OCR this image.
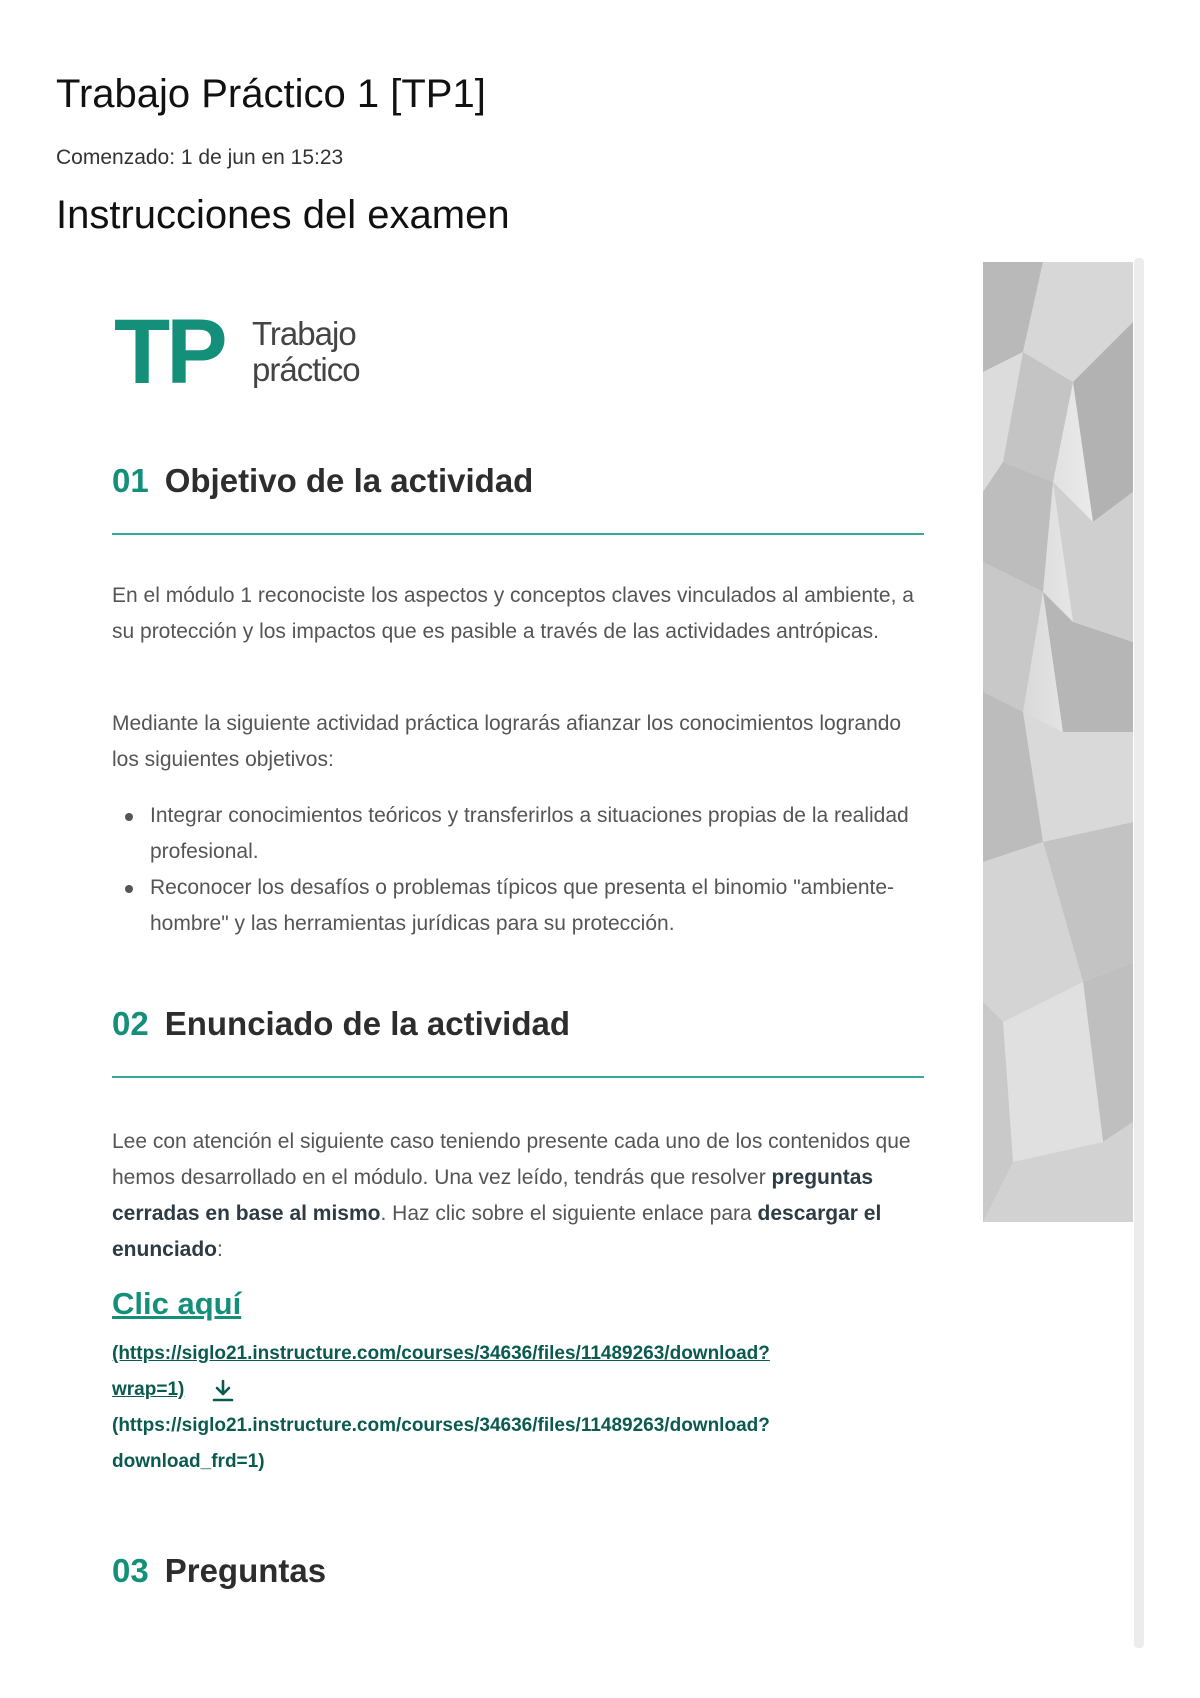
Trabajo Práctico 1 [TP1]
Comenzado: 1 de jun en 15:23
Instrucciones del examen
TP Trabajo
práctico
01 Objetivo de la actividad

En el módulo 1 reconociste los aspectos y conceptos claves vinculados al ambiente, a su protección y los impactos que es pasible a través de las actividades antrópicas.

Mediante la siguiente actividad práctica lograrás afianzar los conocimientos logrando los siguientes objetivos:

Integrar conocimientos teóricos y transferirlos a situaciones propias de la realidad profesional.
Reconocer los desafíos o problemas típicos que presenta el binomio "ambiente- hombre" y las herramientas jurídicas para su protección.
02 Enunciado de la actividad

Lee con atención el siguiente caso teniendo presente cada uno de los contenidos que hemos desarrollado en el módulo. Una vez leído, tendrás que resolver preguntas cerradas en base al mismo. Haz clic sobre el siguiente enlace para descargar el enunciado:

Clic aquí
(https://siglo21.instructure.com/courses/34636/files/11489263/download?
wrap=1)
(https://siglo21.instructure.com/courses/34636/files/11489263/download?
download_frd=1)
03 Preguntas
